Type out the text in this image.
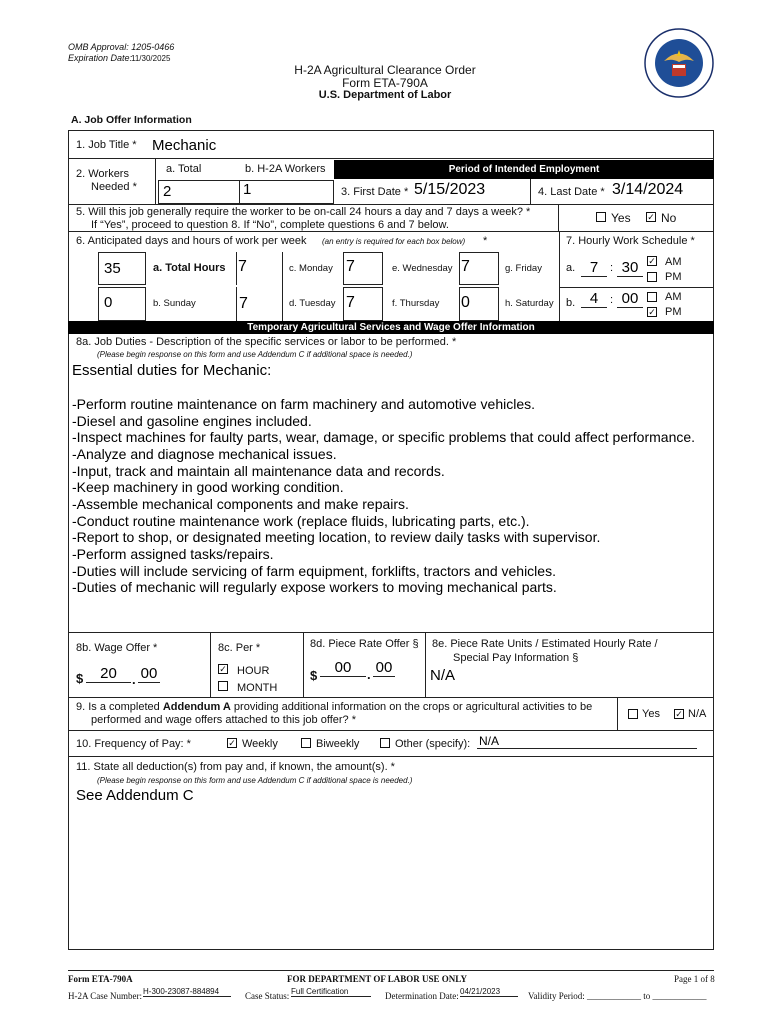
OMB Approval: 1205-0466
Expiration Date:
11/30/2025
H-2A Agricultural Clearance Order
Form ETA-790A
U.S. Department of Labor
A. Job Offer Information
1. Job Title * Mechanic
2. Workers
Needed *
a. Total	b. H-2A Workers
2	1
Period of Intended Employment
3. First Date * 5/15/2023	4. Last Date * 3/14/2024
5. Will this job generally require the worker to be on-call 24 hours a day and 7 days a week? *
If “Yes”, proceed to question 8. If “No”, complete questions 6 and 7 below.	Yes ✓ No
6. Anticipated days and hours of work per week (an entry is required for each box below) *	7. Hourly Work Schedule *
35	a. Total Hours 7	c. Monday 7	e. Wednesday 7	g. Friday
0	b. Sunday	7	d. Tuesday 7	f. Thursday 0	h. Saturday
a. 7	: 30	✓ AM
PM
b. 4	: 00	AM
✓ PM
Temporary Agricultural Services and Wage Offer Information
8a. Job Duties - Description of the specific services or labor to be performed. *
(Please begin response on this form and use Addendum C if additional space is needed.)
Essential duties for Mechanic:
-Perform routine maintenance on farm machinery and automotive vehicles.
-Diesel and gasoline engines included.
-Inspect machines for faulty parts, wear, damage, or specific problems that could affect performance.
-Analyze and diagnose mechanical issues.
-Input, track and maintain all maintenance data and records.
-Keep machinery in good working condition.
-Assemble mechanical components and make repairs.
-Conduct routine maintenance work (replace fluids, lubricating parts, etc.).
-Report to shop, or designated meeting location, to review daily tasks with supervisor.
-Perform assigned tasks/repairs.
-Duties will include servicing of farm equipment, forklifts, tractors and vehicles.
-Duties of mechanic will regularly expose workers to moving mechanical parts.
8b. Wage Offer *
$	20	. 00
8c. Per *
✓ HOUR
MONTH
8d. Piece Rate Offer §
$	00	. 00
8e. Piece Rate Units / Estimated Hourly Rate /
Special Pay Information §
N/A
9. Is a completed Addendum A providing additional information on the crops or agricultural activities to be
performed and wage offers attached to this job offer? *	Yes ✓ N/A
10. Frequency of Pay: *	✓ Weekly	Biweekly	Other (specify): N/A
11. State all deduction(s) from pay and, if known, the amount(s). *
(Please begin response on this form and use Addendum C if additional space is needed.)
See Addendum C
Form ETA-790A	FOR DEPARTMENT OF LABOR USE ONLY	Page 1 of 8
H-2A Case Number: H-300-23087-884894	Case Status: Full Certification	Determination Date: 04/21/2023	Validity Period: ____________ to ____________
